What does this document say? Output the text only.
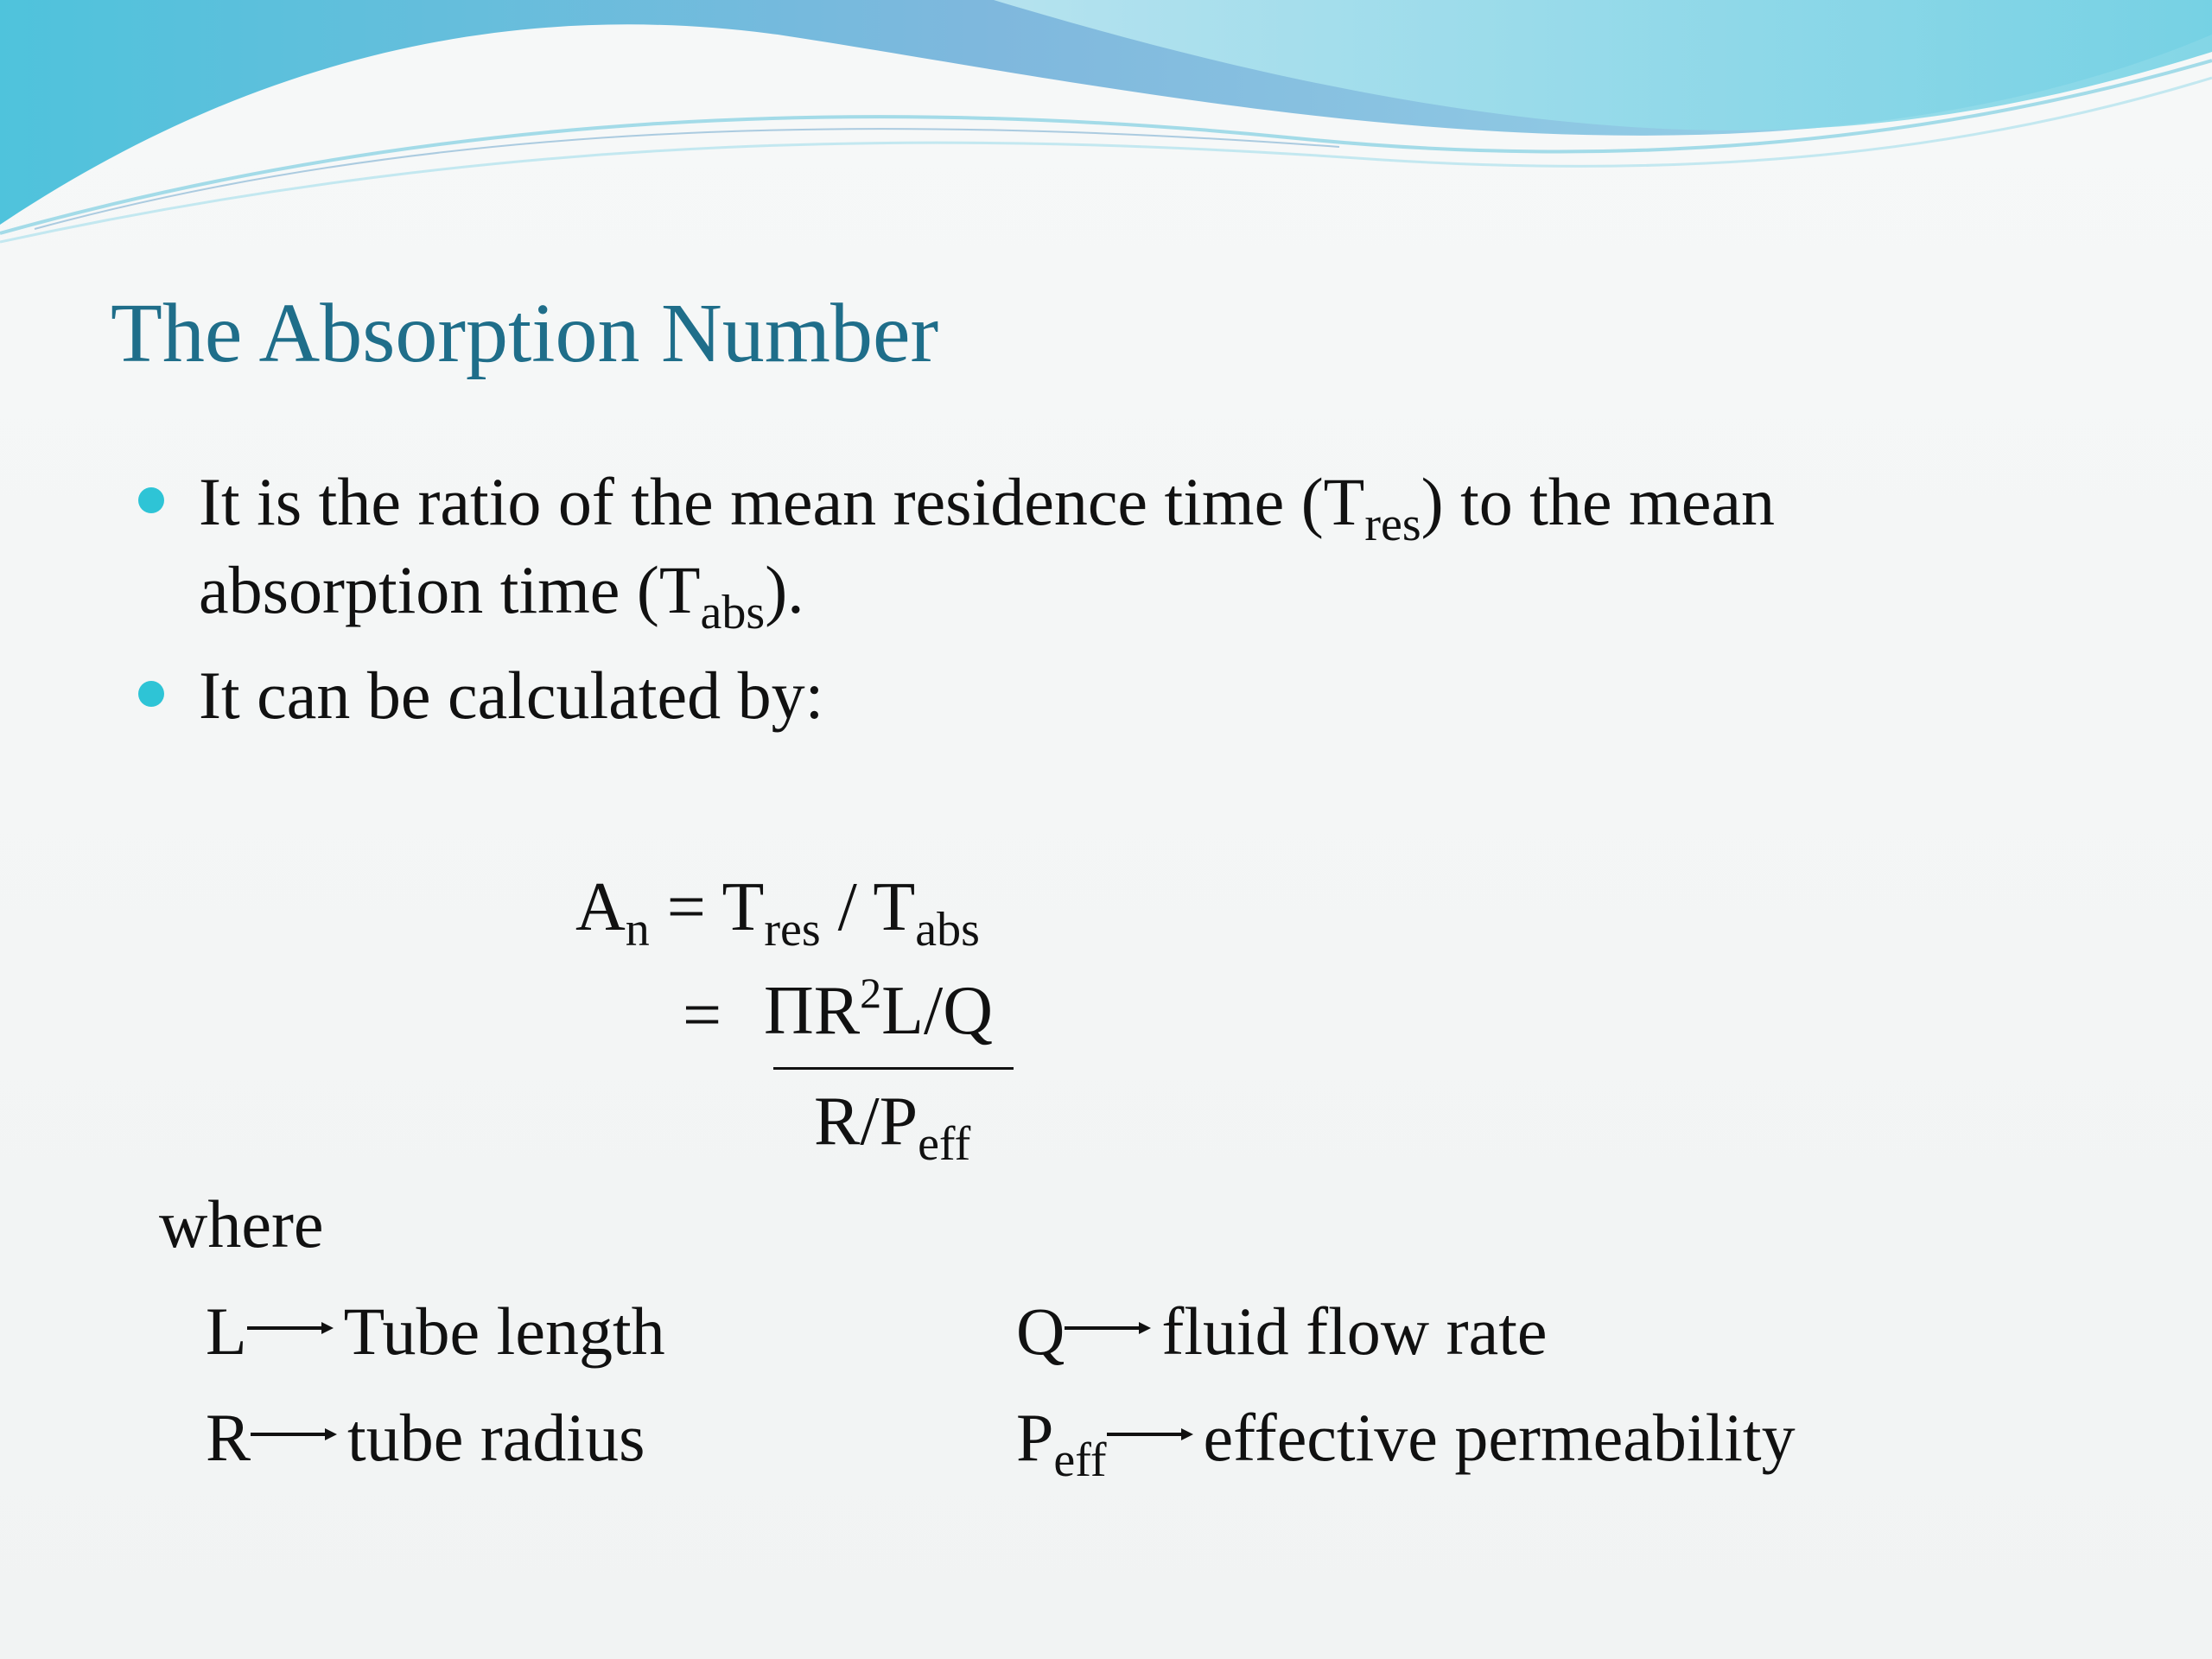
The Absorption Number
It is the ratio of the mean residence time $(T_{res})$ to the mean
absorption time $(T_{abs})$.
It can be calculated by:
$A_n = T_{res} / T_{abs}$
= $\Pi R^2L/Q$
$R/P_{eff}$
where
L Tube length
R tube radius
Q fluid flow rate
$P_{eff}$ effective permeability
